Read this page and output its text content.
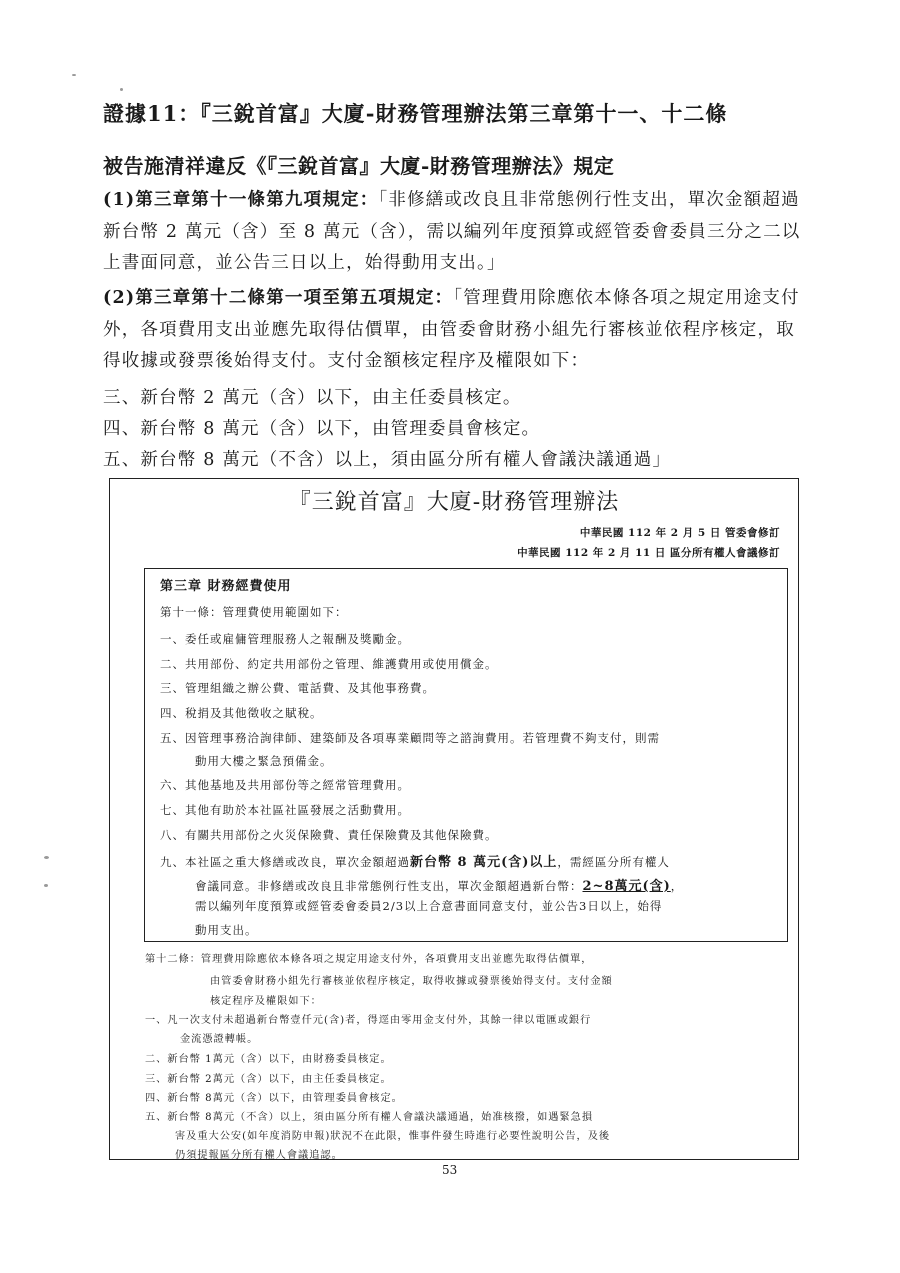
證據11：『三銳首富』大廈-財務管理辦法第三章第十一、十二條
被告施清祥違反《『三銳首富』大廈-財務管理辦法》規定
(1)第三章第十一條第九項規定：「非修繕或改良且非常態例行性支出，單次金額超過新台幣 2 萬元（含）至 8 萬元（含），需以編列年度預算或經管委會委員三分之二以上書面同意，並公告三日以上，始得動用支出。」
(2)第三章第十二條第一項至第五項規定：「管理費用除應依本條各項之規定用途支付外，各項費用支出並應先取得估價單，由管委會財務小組先行審核並依程序核定，取得收據或發票後始得支付。支付金額核定程序及權限如下：
三、新台幣 2 萬元（含）以下，由主任委員核定。
四、新台幣 8 萬元（含）以下，由管理委員會核定。
五、新台幣 8 萬元（不含）以上，須由區分所有權人會議決議通過」
『三銳首富』大廈-財務管理辦法
中華民國 112 年 2 月 5 日 管委會修訂
中華民國 112 年 2 月 11 日 區分所有權人會議修訂
第三章 財務經費使用
第十一條：管理費使用範圍如下：
一、委任或雇傭管理服務人之報酬及獎勵金。
二、共用部份、約定共用部份之管理、維護費用或使用償金。
三、管理組織之辦公費、電話費、及其他事務費。
四、稅捐及其他徵收之賦稅。
五、因管理事務洽詢律師、建築師及各項專業顧問等之諮詢費用。若管理費不夠支付，則需
動用大樓之緊急預備金。
六、其他基地及共用部份等之經常管理費用。
七、其他有助於本社區社區發展之活動費用。
八、有關共用部份之火災保險費、責任保險費及其他保險費。
九、本社區之重大修繕或改良，單次金額超過新台幣 8 萬元(含)以上，需經區分所有權人
會議同意。非修繕或改良且非常態例行性支出，單次金額超過新台幣：2~8萬元(含)，
需以編列年度預算或經管委會委員2/3以上合意書面同意支付，並公告3日以上，始得
動用支出。
第十二條：管理費用除應依本條各項之規定用途支付外，各項費用支出並應先取得估價單，
由管委會財務小組先行審核並依程序核定，取得收據或發票後始得支付。支付金額
核定程序及權限如下：
一、凡一次支付未超過新台幣壹仟元(含)者，得逕由零用金支付外，其餘一律以電匯或銀行
金流憑證轉帳。
二、新台幣 1萬元（含）以下，由財務委員核定。
三、新台幣 2萬元（含）以下，由主任委員核定。
四、新台幣 8萬元（含）以下，由管理委員會核定。
五、新台幣 8萬元（不含）以上，須由區分所有權人會議決議通過，始准核撥，如遇緊急損
害及重大公安(如年度消防申報)狀況不在此限，惟事件發生時進行必要性說明公告，及後
仍須提報區分所有權人會議追認。
53
